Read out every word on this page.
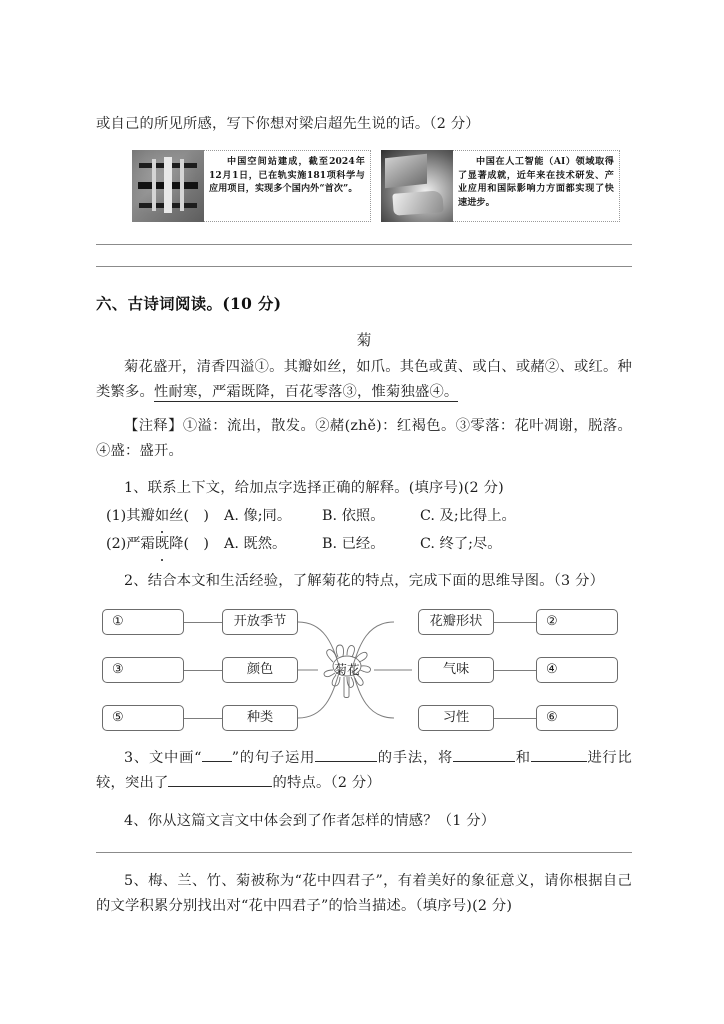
或自己的所见所感，写下你想对梁启超先生说的话。（2 分）
中国空间站建成，截至2024年12月1日，已在轨实施181项科学与应用项目，实现多个国内外“首次”。
中国在人工智能（AI）领域取得了显著成就，近年来在技术研发、产业应用和国际影响力方面都实现了快速进步。
六、古诗词阅读。(10 分)
菊
菊花盛开，清香四溢①。其瓣如丝，如爪。其色或黄、或白、或赭②、或红。种类繁多。性耐寒，严霜既降，百花零落③，惟菊独盛④。
【注释】①溢：流出，散发。②赭(zhě)：红褐色。③零落：花叶凋谢，脱落。④盛：盛开。
1、联系上下文，给加点字选择正确的解释。(填序号)(2 分)
(1)其瓣如丝(　)	A. 像;同。	B. 依照。	C. 及;比得上。
(2)严霜既降(　)	A. 既然。	B. 已经。	C. 终了;尽。
2、结合本文和生活经验，了解菊花的特点，完成下面的思维导图。（3 分）
①	开放季节
③	颜色
⑤	种类
菊花
花瓣形状	②
气味	④
习性	⑥
3、文中画“ ”的句子运用	的手法，将	和	进行比较，突出了	的特点。（2 分）
4、你从这篇文言文中体会到了作者怎样的情感？（1 分）
5、梅、兰、竹、菊被称为“花中四君子”，有着美好的象征意义，请你根据自己的文学积累分别找出对“花中四君子”的恰当描述。（填序号)(2 分)
